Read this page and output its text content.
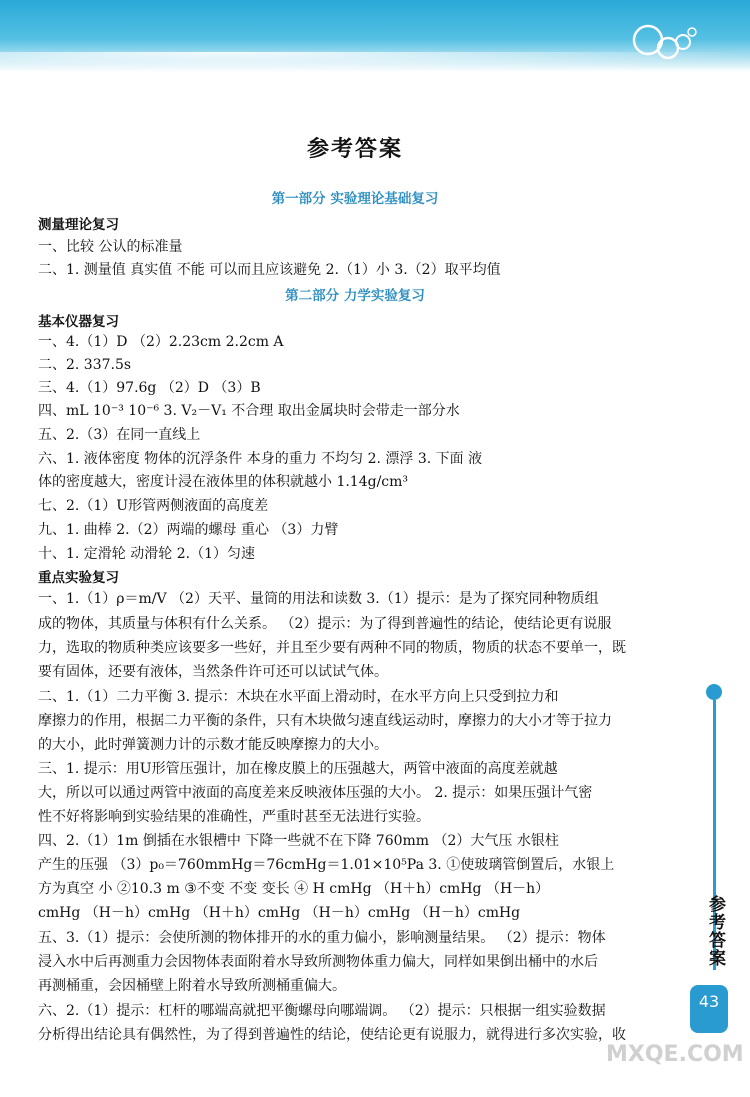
参考答案
第一部分 实验理论基础复习
测量理论复习
一、比较 公认的标准量
二、1. 测量值 真实值 不能 可以而且应该避免 2.（1）小 3.（2）取平均值
第二部分 力学实验复习
基本仪器复习
一、4.（1）D （2）2.23cm 2.2cm A
二、2. 337.5s
三、4.（1）97.6g （2）D （3）B
四、mL 10⁻³ 10⁻⁶ 3. V₂－V₁ 不合理 取出金属块时会带走一部分水
五、2.（3）在同一直线上
六、1. 液体密度 物体的沉浮条件 本身的重力 不均匀 2. 漂浮 3. 下面 液
体的密度越大，密度计浸在液体里的体积就越小 1.14g/cm³
七、2.（1）U形管两侧液面的高度差
九、1. 曲棒 2.（2）两端的螺母 重心 （3）力臂
十、1. 定滑轮 动滑轮 2.（1）匀速
重点实验复习
一、1.（1）ρ＝m/V （2）天平、量筒的用法和读数 3.（1）提示：是为了探究同种物质组
成的物体，其质量与体积有什么关系。 （2）提示：为了得到普遍性的结论，使结论更有说服
力，选取的物质种类应该要多一些好，并且至少要有两种不同的物质，物质的状态不要单一，既
要有固体，还要有液体，当然条件许可还可以试试气体。
二、1.（1）二力平衡 3. 提示：木块在水平面上滑动时，在水平方向上只受到拉力和
摩擦力的作用，根据二力平衡的条件，只有木块做匀速直线运动时，摩擦力的大小才等于拉力
的大小，此时弹簧测力计的示数才能反映摩擦力的大小。
三、1. 提示：用U形管压强计，加在橡皮膜上的压强越大，两管中液面的高度差就越
大，所以可以通过两管中液面的高度差来反映液体压强的大小。 2. 提示：如果压强计气密
性不好将影响到实验结果的准确性，严重时甚至无法进行实验。
四、2.（1）1m 倒插在水银槽中 下降一些就不在下降 760mm （2）大气压 水银柱
产生的压强 （3）p₀＝760mmHg＝76cmHg＝1.01×10⁵Pa 3. ①使玻璃管倒置后，水银上
方为真空 小 ②10.3 m ③不变 不变 变长 ④ H cmHg （H＋h）cmHg （H－h）
cmHg （H－h）cmHg （H＋h）cmHg （H－h）cmHg （H－h）cmHg
五、3.（1）提示：会使所测的物体排开的水的重力偏小，影响测量结果。 （2）提示：物体
浸入水中后再测重力会因物体表面附着水导致所测物体重力偏大，同样如果倒出桶中的水后
再测桶重，会因桶壁上附着水导致所测桶重偏大。
六、2.（1）提示：杠杆的哪端高就把平衡螺母向哪端调。 （2）提示：只根据一组实验数据
分析得出结论具有偶然性，为了得到普遍性的结论，使结论更有说服力，就得进行多次实验，收
参考答案
43
MXQE.COM
